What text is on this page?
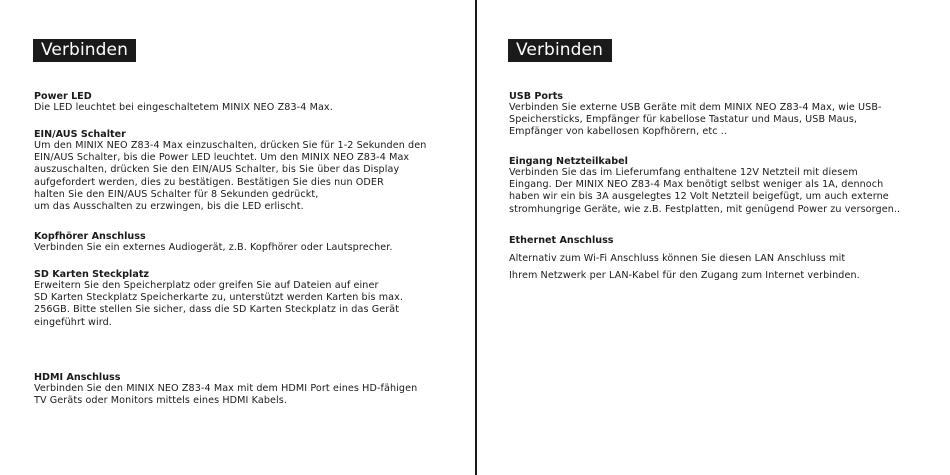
Verbinden

Power LED

Die LED leuchtet bei eingeschaltetem MINIX NEO Z83-4 Max.

EIN/AUS Schalter

Um den MINIX NEO Z83-4 Max einzuschalten, drücken Sie für 1-2 Sekunden den

EIN/AUS Schalter, bis die Power LED leuchtet. Um den MINIX NEO Z83-4 Max

auszuschalten, drücken Sie den EIN/AUS Schalter, bis Sie über das Display

aufgefordert werden, dies zu bestätigen. Bestätigen Sie dies nun ODER

halten Sie den EIN/AUS Schalter für 8 Sekunden gedrückt,

um das Ausschalten zu erzwingen, bis die LED erlischt.

Kopfhörer Anschluss

Verbinden Sie ein externes Audiogerät, z.B. Kopfhörer oder Lautsprecher.

SD Karten Steckplatz

Erweitern Sie den Speicherplatz oder greifen Sie auf Dateien auf einer

SD Karten Steckplatz Speicherkarte zu, unterstützt werden Karten bis max.

256GB. Bitte stellen Sie sicher, dass die SD Karten Steckplatz in das Gerät

eingeführt wird.

HDMI Anschluss

Verbinden Sie den MINIX NEO Z83-4 Max mit dem HDMI Port eines HD-fähigen

TV Geräts oder Monitors mittels eines HDMI Kabels.

Verbinden

USB Ports

Verbinden Sie externe USB Geräte mit dem MINIX NEO Z83-4 Max, wie USB-

Speichersticks, Empfänger für kabellose Tastatur und Maus, USB Maus,

Empfänger von kabellosen Kopfhörern, etc ..

Eingang Netzteilkabel

Verbinden Sie das im Lieferumfang enthaltene 12V Netzteil mit diesem

Eingang. Der MINIX NEO Z83-4 Max benötigt selbst weniger als 1A, dennoch

haben wir ein bis 3A ausgelegtes 12 Volt Netzteil beigefügt, um auch externe

stromhungrige Geräte, wie z.B. Festplatten, mit genügend Power zu versorgen..

Ethernet Anschluss

Alternativ zum Wi-Fi Anschluss können Sie diesen LAN Anschluss mit

Ihrem Netzwerk per LAN-Kabel für den Zugang zum Internet verbinden.
